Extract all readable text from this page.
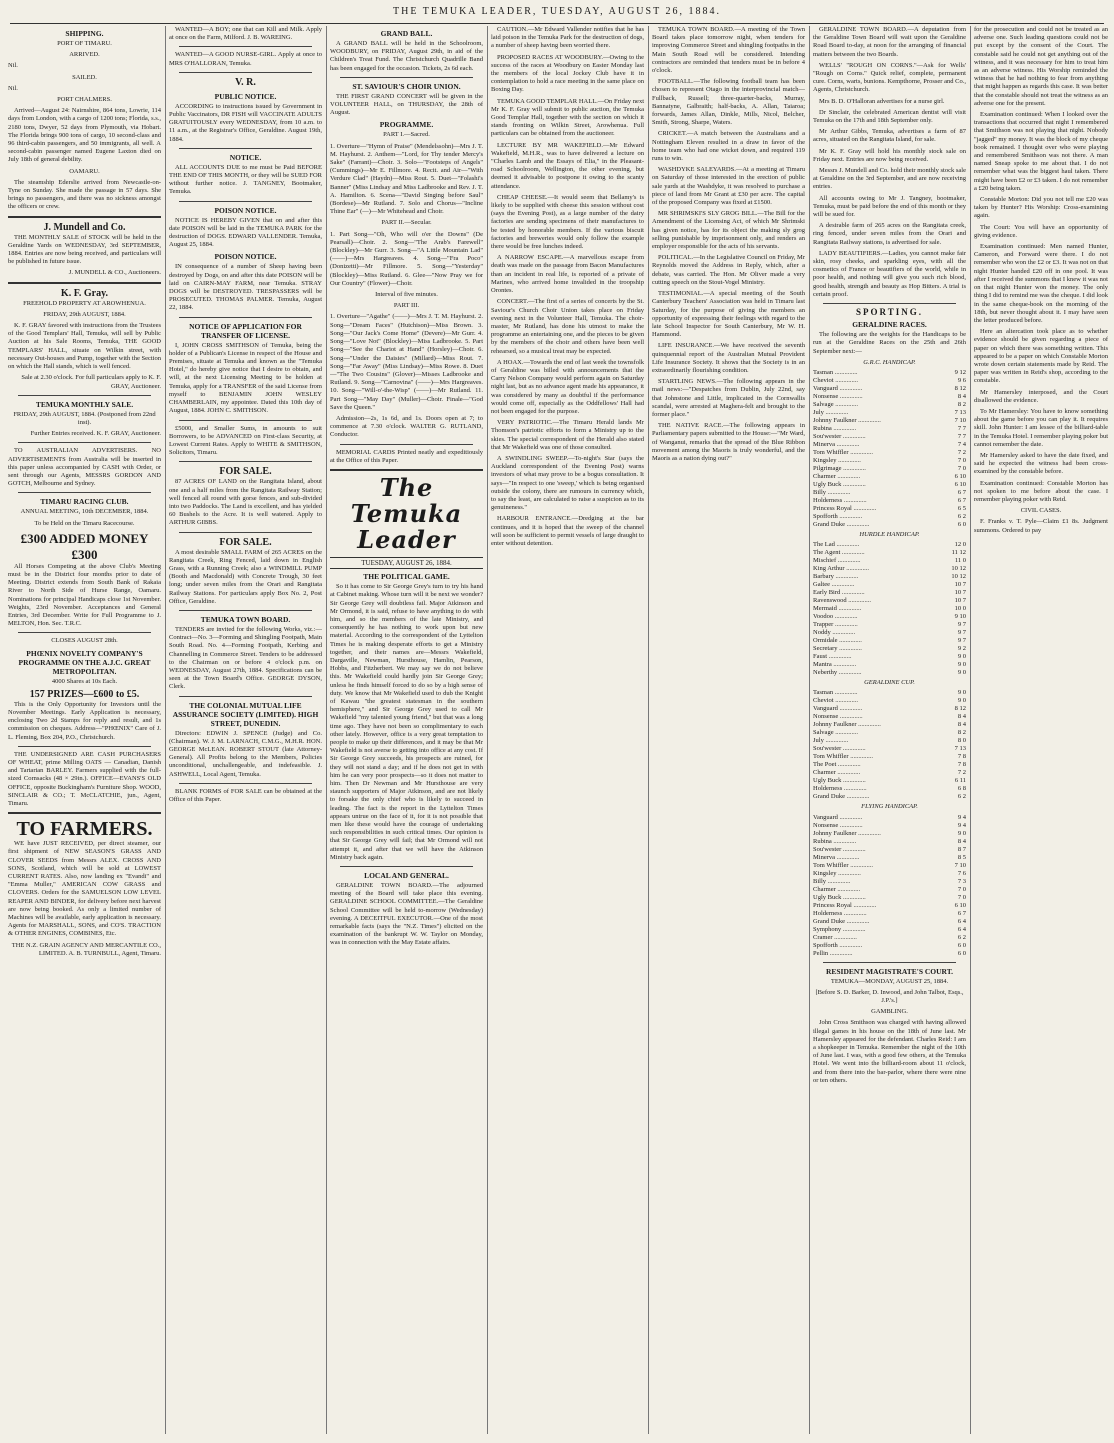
THE TEMUKA LEADER, TUESDAY, AUGUST 26, 1884.
SHIPPING.

PORT OF TIMARU.

ARRIVED.

Nil.

SAILED.

Nil.

PORT CHALMERS.

Arrived—August 24: Nairnshire, 864 tons, Lowrie, 114 days from London, with a cargo of 1200 tons; Florida, s.s., 2180 tons, Dwyer, 52 days from Plymouth, via Hobart. The Florida brings 900 tons of cargo, 10 second-class and 96 third-cabin passengers, and 50 immigrants, all well. A second-cabin passenger named Eugene Laxton died on July 18th of general debility.

OAMARU.

The steamship Ederslie arrived from Newcastle-on-Tyne on Sunday. She made the passage in 57 days. She brings no passengers, and there was no sickness amongst the officers or crew.

J. Mundell and Co.

THE MONTHLY SALE of STOCK will be held in the Geraldine Yards on WEDNESDAY, 3rd SEPTEMBER, 1884. Entries are now being received, and particulars will be published in future issue.

J. MUNDELL & CO., Auctioneers.

K. F. Gray.

FREEHOLD PROPERTY AT AROWHENUA.

FRIDAY, 29th AUGUST, 1884.

K. F. GRAY favored with instructions from the Trustees of the Good Templars' Hall, Temuka, will sell by Public Auction at his Sale Rooms, Temuka, THE GOOD TEMPLARS' HALL, situate on Wilkin street, with necessary Out-houses and Pump, together with the Section on which the Hall stands, which is well fenced.

Sale at 2.30 o'clock. For full particulars apply to K. F. GRAY, Auctioneer.

TEMUKA MONTHLY SALE.

FRIDAY, 29th AUGUST, 1884. (Postponed from 22nd inst).

Further Entries received. K. F. GRAY, Auctioneer.

TO AUSTRALIAN ADVERTISERS. NO ADVERTISEMENTS from Australia will be inserted in this paper unless accompanied by CASH with Order, or sent through our Agents, MESSRS GORDON AND GOTCH, Melbourne and Sydney.

TIMARU RACING CLUB.

ANNUAL MEETING, 10th DECEMBER, 1884.

To be Held on the Timaru Racecourse.

£300 ADDED MONEY £300

All Horses Competing at the above Club's Meeting must be in the District four months prior to date of Meeting. District extends from South Bank of Rakaia River to North Side of Hurse Range, Oamaru. Nominations for principal Handicaps close 1st November. Weights, 23rd November. Acceptances and General Entries, 3rd December. Write for Full Programme to J. MELTON, Hon. Sec. T.R.C.

CLOSES AUGUST 28th.

PHŒNIX NOVELTY COMPANY'S PROGRAMME ON THE A.J.C. GREAT METROPOLITAN.

4000 Shares at 10s Each.

157 PRIZES—£600 to £5.

This is the Only Opportunity for Investors until the November Meetings. Early Application is necessary, enclosing Two 2d Stamps for reply and result, and 1s commission on cheques. Address—"PHŒNIX" Care of J. L. Fleming, Box 204, P.O., Christchurch.

THE UNDERSIGNED ARE CASH PURCHASERS OF WHEAT, prime Milling OATS — Canadian, Danish and Tartarian BARLEY. Farmers supplied with the full-sized Cornsacks (48 × 29in.). OFFICE—EVANS'S OLD OFFICE, opposite Buckingham's Furniture Shop. WOOD, SINCLAIR & CO.; T. McCLATCHIE, jun., Agent, Timaru.

TO FARMERS.

WE have JUST RECEIVED, per direct steamer, our first shipment of NEW SEASON'S GRASS AND CLOVER SEEDS from Messrs ALEX. CROSS AND SONS, Scotland, which will be sold at LOWEST CURRENT RATES. Also, now landing ex "Evandi" and "Emma Muller," AMERICAN COW GRASS and CLOVERS. Orders for the SAMUELSON LOW LEVEL REAPER AND BINDER, for delivery before next harvest are now being booked. As only a limited number of Machines will be available, early application is necessary. Agents for MARSHALL, SONS, and CO'S. TRACTION & OTHER ENGINES, COMBINES, Etc.

THE N.Z. GRAIN AGENCY AND MERCANTILE CO., LIMITED. A. B. TURNBULL, Agent, Timaru.

WANTED—A BOY; one that can Kill and Milk. Apply at once on the Farm, Milford. J. B. WAREING.

WANTED—A GOOD NURSE-GIRL. Apply at once to MRS O'HALLORAN, Temuka.

V. R.
PUBLIC NOTICE.

ACCORDING to instructions issued by Government in Public Vaccinators, DR FISH will VACCINATE ADULTS GRATUITOUSLY every WEDNESDAY, from 10 a.m. to 11 a.m., at the Registrar's Office, Geraldine. August 19th, 1884.

NOTICE.

ALL ACCOUNTS DUE to me must be Paid BEFORE THE END OF THIS MONTH, or they will be SUED FOR without further notice. J. TANGNEY, Bootmaker, Temuka.

POISON NOTICE.

NOTICE IS HEREBY GIVEN that on and after this date POISON will be laid in the TEMUKA PARK for the destruction of DOGS. EDWARD VALLENDER. Temuka, August 25, 1884.

POISON NOTICE.

IN consequence of a number of Sheep having been destroyed by Dogs, on and after this date POISON will be laid on CAIRN-MAY FARM, near Temuka. STRAY DOGS will be DESTROYED. TRESPASSERS will be PROSECUTED. THOMAS PALMER. Temuka, August 22, 1884.

NOTICE OF APPLICATION FOR TRANSFER OF LICENSE.

I, JOHN CROSS SMITHSON of Temuka, being the holder of a Publican's License in respect of the House and Premises, situate at Temuka and known as the "Temuka Hotel," do hereby give notice that I desire to obtain, and will, at the next Licensing Meeting to be holden at Temuka, apply for a TRANSFER of the said License from myself to BENJAMIN JOHN WESLEY CHAMBERLAIN, my appointee. Dated this 10th day of August, 1884. JOHN C. SMITHSON.

£5000, and Smaller Sums, in amounts to suit Borrowers, to be ADVANCED on First-class Security, at Lowest Current Rates. Apply to WHITE & SMITHSON, Solicitors, Timaru.

FOR SALE.

87 ACRES OF LAND on the Rangitata Island, about one and a half miles from the Rangitata Railway Station; well fenced all round with gorse fences, and sub-divided into two Paddocks. The Land is excellent, and has yielded 60 Bushels to the Acre. It is well watered. Apply to ARTHUR GIBBS.

FOR SALE.

A most desirable SMALL FARM of 265 ACRES on the Rangitata Creek, Ring Fenced, laid down in English Grass, with a Running Creek; also a WINDMILL PUMP (Booth and Macdonald) with Concrete Trough, 30 feet long; under seven miles from the Orari and Rangitata Railway Stations. For particulars apply Box No. 2, Post Office, Geraldine.

TEMUKA TOWN BOARD.

TENDERS are invited for the following Works, viz.:— Contract—No. 3—Forming and Shingling Footpath, Main South Road. No. 4—Forming Footpath, Kerbing and Channelling in Commerce Street. Tenders to be addressed to the Chairman on or before 4 o'clock p.m. on WEDNESDAY, August 27th, 1884. Specifications can be seen at the Town Board's Office. GEORGE DYSON, Clerk.

THE COLONIAL MUTUAL LIFE ASSURANCE SOCIETY (LIMITED). HIGH STREET, DUNEDIN.

Directors: EDWIN J. SPENCE (Judge) and Co. (Chairman). W. J. M. LARNACH, C.M.G., M.H.R. HON. GEORGE McLEAN. ROBERT STOUT (late Attorney-General). All Profits belong to the Members, Policies unconditional, unchallengeable, and indefeasible. J. ASHWELL, Local Agent, Temuka.

BLANK FORMS of FOR SALE can be obtained at the Office of this Paper.

GRAND BALL.

A GRAND BALL will be held in the Schoolroom, WOODBURY, on FRIDAY, August 29th, in aid of the Children's Treat Fund. The Christchurch Quadrille Band has been engaged for the occasion. Tickets, 2s 6d each.

ST. SAVIOUR'S CHOIR UNION.

THE FIRST GRAND CONCERT will be given in the VOLUNTEER HALL, on THURSDAY, the 28th of August.

PROGRAMME.

PART I.—Sacred.

1. Overture—"Hymn of Praise" (Mendelssohn)—Mrs J. T. M. Hayhurst. 2. Anthem—"Lord, for Thy tender Mercy's Sake" (Farrant)—Choir. 3. Solo—"Footsteps of Angels" (Cummings)—Mr E. Fillmore. 4. Recit. and Air—"With Verdure Clad" (Haydn)—Miss Rout. 5. Duet—"Folashi's Banner" (Miss Lindsay and Miss Ladbrooke and Rev. J. T. A. Hamilton. 6. Scena—"David Singing before Saul" (Bordese)—Mr Rutland. 7. Solo and Chorus—"Incline Thine Ear" (—)—Mr Whitehead and Choir.

PART II.—Secular.

1. Part Song—"Oh, Who will o'er the Downs" (De Pearsall)—Choir. 2. Song—"The Arab's Farewell" (Blockley)—Mr Gurr. 3. Song—"A Little Mountain Lad" (——)—Mrs Hargreaves. 4. Song—"Fra Poco" (Donizetti)—Mr Fillmore. 5. Song—"Yesterday" (Blockley)—Miss Rutland. 6. Glee—"Now Pray we for Our Country" (Flower)—Choir.

Interval of five minutes.

PART III.

1. Overture—"Agathe" (——)—Mrs J. T. M. Hayhurst. 2. Song—"Dream Faces" (Hutchison)—Miss Brown. 3. Song—"Our Jack's Come Home" (Devere)—Mr Gurr. 4. Song—"Love Not" (Blockley)—Miss Ladbrooke. 5. Part Song—"See the Chariot at Hand" (Horsley)—Choir. 6. Song—"Under the Daisies" (Millard)—Miss Rout. 7. Song—"Far Away" (Miss Lindsay)—Miss Rowe. 8. Duet—"The Two Cousins" (Glover)—Misses Ladbrooke and Rutland. 9. Song—"Carnovina" (——)—Mrs Hargreaves. 10. Song—"Will-o'-the-Wisp" (——)—Mr Rutland. 11. Part Song—"May Day" (Muller)—Choir. Finale—"God Save the Queen."

Admission—2s, 1s 6d, and 1s. Doors open at 7; to commence at 7.30 o'clock. WALTER G. RUTLAND, Conductor.

MEMORIAL CARDS Printed neatly and expeditiously at the Office of this Paper.

The Temuka Leader
TUESDAY, AUGUST 26, 1884.
THE POLITICAL GAME.

So it has come to Sir George Grey's turn to try his hand at Cabinet making. Whose turn will it be next we wonder? Sir George Grey will doubtless fail. Major Atkinson and Mr Ormond, it is said, refuse to have anything to do with him, and so the members of the late Ministry, and consequently he has nothing to work upon but new material. According to the correspondent of the Lyttelton Times he is making desperate efforts to get a Ministry together, and their names are—Messrs Wakefield, Dargaville, Newman, Hursthouse, Hamlin, Pearson, Hobbs, and Fitzherbert. We may say we do not believe this. Mr Wakefield could hardly join Sir George Grey; unless he finds himself forced to do so by a high sense of duty. We know that Mr Wakefield used to dub the Knight of Kawau "the greatest statesman in the southern hemisphere," and Sir George Grey used to call Mr Wakefield "my talented young friend," but that was a long time ago. They have not been so complimentary to each other lately. However, office is a very great temptation to people to make up their differences, and it may be that Mr Wakefield is not averse to getting into office at any cost. If Sir George Grey succeeds, his prospects are ruined, for they will not stand a day; and if he does not get in with him he can very poor prospects—so it does not matter to him. Then Dr Newman and Mr Hursthouse are very staunch supporters of Major Atkinson, and are not likely to forsake the only chief who is likely to succeed in leading. The fact is the report in the Lyttelton Times appears untrue on the face of it, for it is not possible that men like these would have the courage of undertaking such responsibilities in such critical times. Our opinion is that Sir George Grey will fail; that Mr Ormond will not attempt it, and after that we will have the Atkinson Ministry back again.

LOCAL AND GENERAL.

GERALDINE TOWN BOARD.—The adjourned meeting of the Board will take place this evening. GERALDINE SCHOOL COMMITTEE.—The Geraldine School Committee will be held to-morrow (Wednesday) evening. A DECEITFUL EXECUTOR.—One of the most remarkable facts (says the "N.Z. Times") elicited on the examination of the bankrupt W. W. Taylor on Monday, was in connection with the May Estate affairs.

CAUTION.—Mr Edward Vallender notifies that he has laid poison in the Temuka Park for the destruction of dogs, a number of sheep having been worried there.

PROPOSED RACES AT WOODBURY.—Owing to the success of the races at Woodbury on Easter Monday last the members of the local Jockey Club have it in contemplation to hold a race meeting in the same place on Boxing Day.

TEMUKA GOOD TEMPLAR HALL.—On Friday next Mr K. F. Gray will submit to public auction, the Temuka Good Templar Hall, together with the section on which it stands fronting on Wilkin Street, Arowhenua. Full particulars can be obtained from the auctioneer.

LECTURE BY MR WAKEFIELD.—Mr Edward Wakefield, M.H.R., was to have delivered a lecture on "Charles Lamb and the Essays of Elia," in the Pleasant-road Schoolroom, Wellington, the other evening, but deemed it advisable to postpone it owing to the scanty attendance.

CHEAP CHEESE.—It would seem that Bellamy's is likely to be supplied with cheese this session without cost (says the Evening Post), as a large number of the dairy factories are sending specimens of their manufactures to be tested by honorable members. If the various biscuit factories and breweries would only follow the example there would be free lunches indeed.

A NARROW ESCAPE.—A marvellous escape from death was made on the passage from Bacon Manufactures than an incident in real life, is reported of a private of Marines, who arrived home invalided in the troopship Orontes.

CONCERT.—The first of a series of concerts by the St. Saviour's Church Choir Union takes place on Friday evening next in the Volunteer Hall, Temuka. The choir-master, Mr Rutland, has done his utmost to make the programme an entertaining one, and the pieces to be given by the members of the choir and others have been well rehearsed, so a musical treat may be expected.

A HOAX.—Towards the end of last week the townsfolk of Geraldine was billed with announcements that the Carry Nelson Company would perform again on Saturday night last, but as no advance agent made his appearance, it was considered by many as doubtful if the performance would come off, especially as the Oddfellows' Hall had not been engaged for the purpose.

VERY PATRIOTIC.—The Timaru Herald lands Mr Thomson's patriotic efforts to form a Ministry up to the skies. The special correspondent of the Herald also stated that Mr Wakefield was one of those consulted.

A SWINDLING SWEEP.—To-night's Star (says the Auckland correspondent of the Evening Post) warns investors of what may prove to be a bogus consultation. It says—"In respect to one 'sweep,' which is being organised outside the colony, there are rumours in currency which, to say the least, are calculated to raise a suspicion as to its genuineness."

HARBOUR ENTRANCE.—Dredging at the bar continues, and it is hoped that the sweep of the channel will soon be sufficient to permit vessels of large draught to enter without detention.

TEMUKA TOWN BOARD.—A meeting of the Town Board takes place tomorrow night, when tenders for improving Commerce Street and shingling footpaths in the Main South Road will be considered. Intending contractors are reminded that tenders must be in before 4 o'clock.

FOOTBALL.—The following football team has been chosen to represent Otago in the interprovincial match—Fullback, Russell; three-quarter-backs, Murray, Bannatyne, Galbraith; half-backs, A. Allan, Taiaroa; forwards, James Allan, Dinkle, Mills, Nicol, Belcher, Smith, Strong, Sharpe, Waters.

CRICKET.—A match between the Australians and a Nottingham Eleven resulted in a draw in favor of the home team who had one wicket down, and required 119 runs to win.

WASHDYKE SALEYARDS.—At a meeting at Timaru on Saturday of those interested in the erection of public sale yards at the Washdyke, it was resolved to purchase a piece of land from Mr Grant at £30 per acre. The capital of the proposed Company was fixed at £1500.

MR SHRIMSKI'S SLY GROG BILL.—The Bill for the Amendment of the Licensing Act, of which Mr Shrimski has given notice, has for its object the making sly grog selling punishable by imprisonment only, and renders an employer responsible for the acts of his servants.

POLITICAL.—In the Legislative Council on Friday, Mr Reynolds moved the Address in Reply, which, after a debate, was carried. The Hon. Mr Oliver made a very cutting speech on the Stout-Vogel Ministry.

TESTIMONIAL.—A special meeting of the South Canterbury Teachers' Association was held in Timaru last Saturday, for the purpose of giving the members an opportunity of expressing their feelings with regard to the late School Inspector for South Canterbury, Mr W. H. Hammond.

LIFE INSURANCE.—We have received the seventh quinquennial report of the Australian Mutual Provident Life Insurance Society. It shows that the Society is in an extraordinarily flourishing condition.

STARTLING NEWS.—The following appears in the mail news:—"Despatches from Dublin, July 22nd, say that Johnstone and Little, implicated in the Cornwallis scandal, were arrested at Maghera-felt and brought to the former place."

THE NATIVE RACE.—The following appears in Parliamentary papers submitted to the House:—"Mr Ward, of Wanganui, remarks that the spread of the Blue Ribbon movement among the Maoris is truly wonderful, and the Maoris as a nation dying out?"

GERALDINE TOWN BOARD.—A deputation from the Geraldine Town Board will wait upon the Geraldine Road Board to-day, at noon for the arranging of financial matters between the two Boards.

WELLS' "ROUGH ON CORNS."—Ask for Wells' "Rough on Corns." Quick relief, complete, permanent cure. Corns, warts, bunions. Kempthorne, Prosser and Co., Agents, Christchurch.

Mrs B. D. O'Halloran advertises for a nurse girl.

Dr Sinclair, the celebrated American dentist will visit Temuka on the 17th and 18th September only.

Mr Arthur Gibbs, Temuka, advertises a farm of 87 acres, situated on the Rangitata Island, for sale.

Mr K. F. Gray will hold his monthly stock sale on Friday next. Entries are now being received.

Messrs J. Mundell and Co. hold their monthly stock sale at Geraldine on the 3rd September, and are now receiving entries.

All accounts owing to Mr J. Tangney, bootmaker, Temuka, must be paid before the end of this month or they will be sued for.

A desirable farm of 265 acres on the Rangitata creek, ring fenced, under seven miles from the Orari and Rangitata Railway stations, is advertised for sale.

LADY BEAUTIFIERS.—Ladies, you cannot make fair skin, rosy cheeks, and sparkling eyes, with all the cosmetics of France or beautifiers of the world, while in poor health, and nothing will give you such rich blood, good health, strength and beauty as Hop Bitters. A trial is certain proof.

SPORTING.
GERALDINE RACES.

The following are the weights for the Handicaps to be run at the Geraldine Races on the 25th and 26th September next:—

G.R.C. HANDICAP.
Tasman ..............	9 12
Cheviot ..............	9 6
Vanguard ..............	8 12
Nonsense ..............	8 4
Salvage ..............	8 2
July ..............	7 13
Johnny Faulkner ..............	7 10
Rubina ..............	7 7
Sou'wester ..............	7 7
Minerva ..............	7 4
Tom Whiffler ..............	7 2
Kingsley ..............	7 0
Pilgrimage ..............	7 0
Charmer ..............	6 10
Ugly Buck ..............	6 10
Billy ..............	6 7
Holderness ..............	6 7
Princess Royal ..............	6 5
Spofforth ..............	6 2
Grand Duke ..............	6 0
HURDLE HANDICAP.
The Lad ..............	12 0
The Agent ..............	11 12
Mischief ..............	11 0
King Arthur ..............	10 12
Barbary ..............	10 12
Galtee ..............	10 7
Early Bird ..............	10 7
Ravenswood ..............	10 7
Mermaid ..............	10 0
Voodoo ..............	9 10
Trapper ..............	9 7
Noddy ..............	9 7
Ormidale ..............	9 7
Secretary ..............	9 2
Faust ..............	9 0
Mantra ..............	9 0
Neberthy ..............	9 0
GERALDINE CUP.
Tasman ..............	9 0
Cheviot ..............	9 0
Vanguard ..............	8 12
Nonsense ..............	8 4
Johnny Faulkner ..............	8 4
Salvage ..............	8 2
July ..............	8 0
Sou'wester ..............	7 13
Tom Whiffler ..............	7 8
The Poet ..............	7 8
Charmer ..............	7 2
Ugly Buck ..............	6 11
Holderness ..............	6 8
Grand Duke ..............	6 2
FLYING HANDICAP.
Vanguard ..............	9 4
Nonsense ..............	9 4
Johnny Faulkner ..............	9 0
Rubina ..............	8 4
Sou'wester ..............	8 7
Minerva ..............	8 5
Tom Whiffler ..............	7 10
Kingsley ..............	7 6
Billy ..............	7 3
Charmer ..............	7 0
Ugly Buck ..............	7 0
Princess Royal ..............	6 10
Holderness ..............	6 7
Grand Duke ..............	6 4
Symphony ..............	6 4
Cramer ..............	6 2
Spofforth ..............	6 0
Pellin ..............	6 0
RESIDENT MAGISTRATE'S COURT.

TEMUKA—MONDAY, AUGUST 25, 1884.

[Before S. D. Barker, D. Inwood, and John Talbot, Esqs., J.P.'s.]

GAMBLING.

John Cross Smithson was charged with having allowed illegal games in his house on the 18th of June last. Mr Hamersley appeared for the defendant. Charles Reid: I am a shopkeeper in Temuka. Remember the night of the 10th of June last. I was, with a good few others, at the Temuka Hotel. We went into the billiard-room about 11 o'clock, and from there into the bar-parlor, where there were nine or ten others.

for the prosecution and could not be treated as an adverse one. Such leading questions could not be put except by the consent of the Court. The constable said he could not get anything out of the witness, and it was necessary for him to treat him as an adverse witness. His Worship reminded the witness that he had nothing to fear from anything that might happen as regards this case. It was better that the constable should not treat the witness as an adverse one for the present.

Examination continued: When I looked over the transactions that occurred that night I remembered that Smithson was not playing that night. Nobody "jagged" my money. It was the block of my cheque book remained. I thought over who were playing and remembered Smithson was not there. A man named Sneap spoke to me about that. I do not remember what was the biggest haul taken. There might have been £2 or £3 taken. I do not remember a £20 being taken.

Constable Morton: Did you not tell me £20 was taken by Hunter? His Worship: Cross-examining again.

The Court: You will have an opportunity of giving evidence.

Examination continued: Men named Hunter, Cameron, and Forward were there. I do not remember who won the £2 or £3. It was not on that night Hunter handed £20 off in one pool. It was after I received the summons that I knew it was not on that night Hunter won the money. The only thing I did to remind me was the cheque. I did look in the same cheque-book on the morning of the 18th, but never thought about it. I may have seen the letter produced before.

Here an altercation took place as to whether evidence should be given regarding a piece of paper on which there was something written. This appeared to be a paper on which Constable Morton wrote down certain statements made by Reid. The paper was written in Reid's shop, according to the constable.

Mr Hamersley interposed, and the Court disallowed the evidence.

To Mr Hamersley: You have to know something about the game before you can play it. It requires skill. John Hunter: I am lessee of the billiard-table in the Temuka Hotel. I remember playing poker but cannot remember the date.

Mr Hamersley asked to have the date fixed, and said he expected the witness had been cross-examined by the constable before.

Examination continued: Constable Morton has not spoken to me before about the case. I remember playing poker with Reid.

CIVIL CASES.

F. Franks v. T. Pyle—Claim £1 8s. Judgment summons. Ordered to pay
